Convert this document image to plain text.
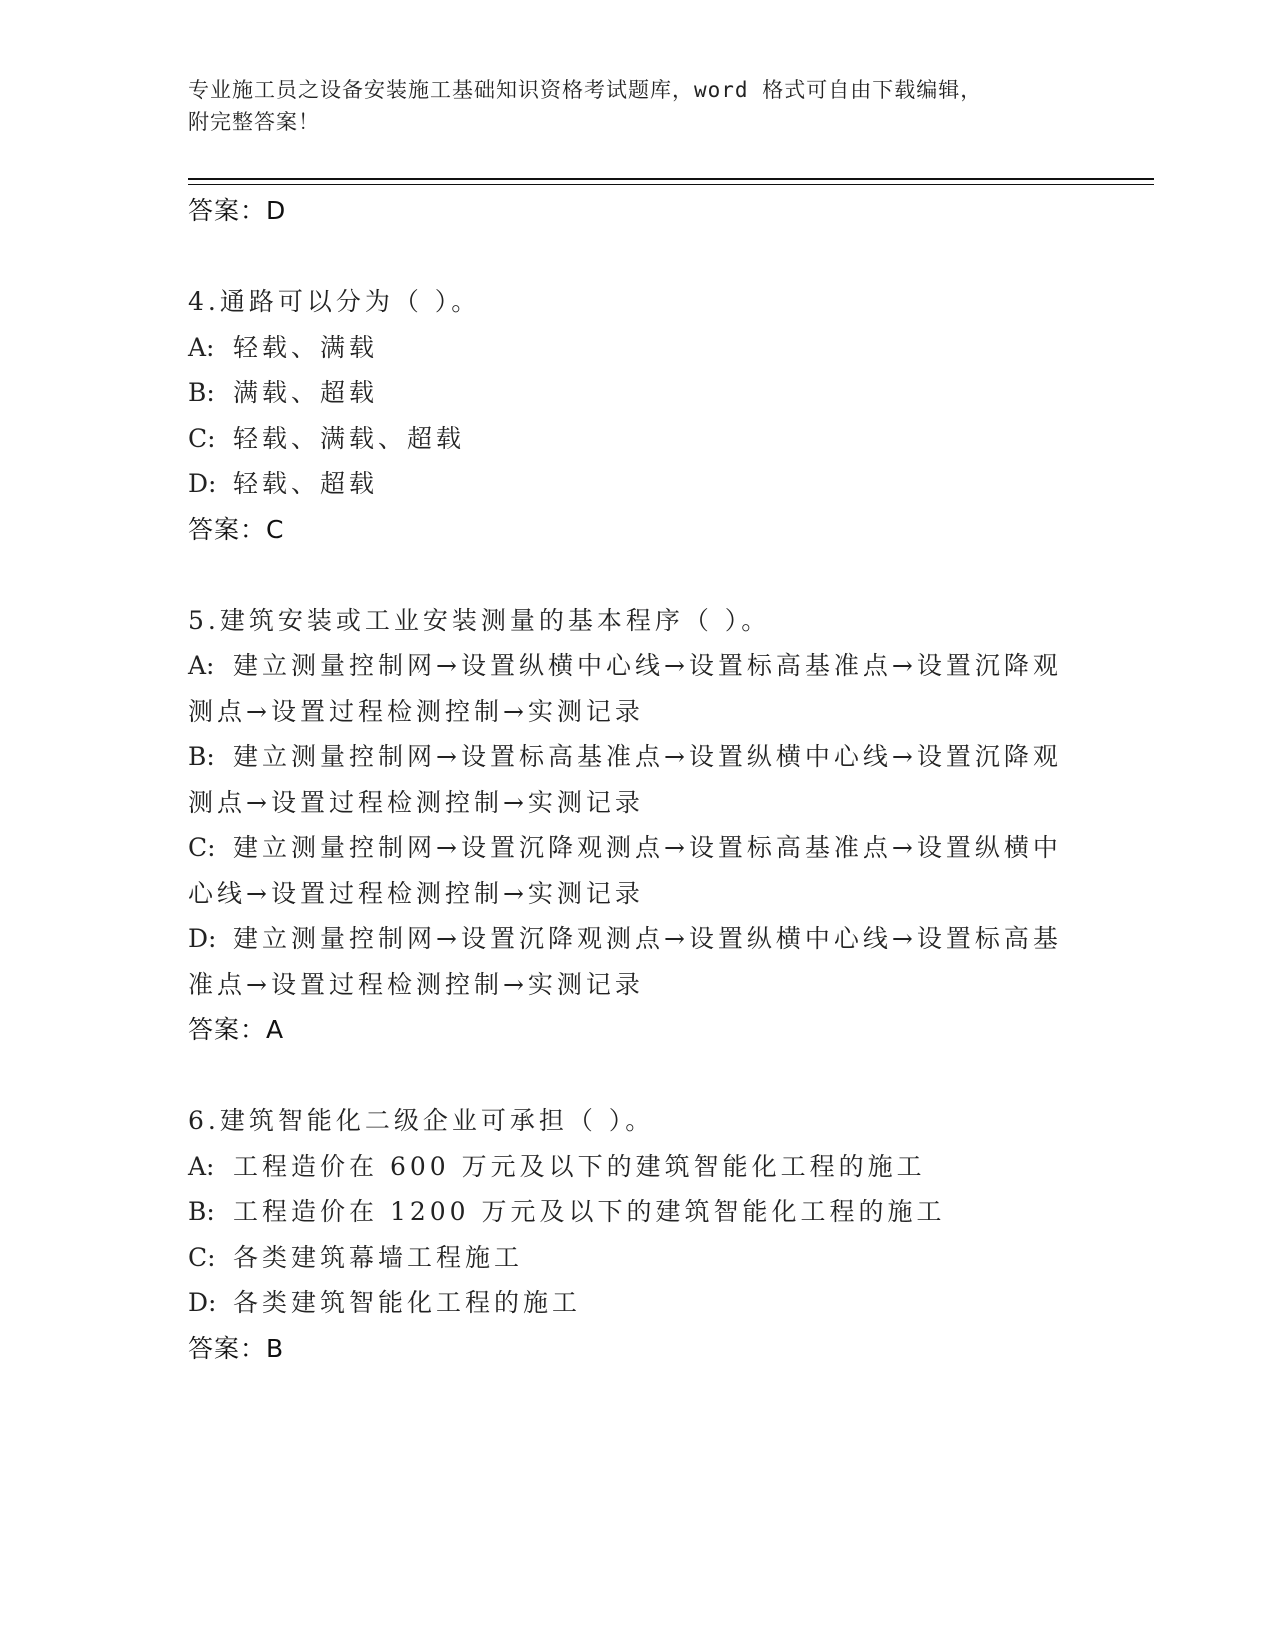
专业施工员之设备安装施工基础知识资格考试题库，word 格式可自由下载编辑，
附完整答案！
答案：D
4.通路可以分为（ ）。
A: 轻载、满载
B: 满载、超载
C: 轻载、满载、超载
D: 轻载、超载
答案：C
5.建筑安装或工业安装测量的基本程序（ ）。
A: 建立测量控制网→设置纵横中心线→设置标高基准点→设置沉降观
测点→设置过程检测控制→实测记录
B: 建立测量控制网→设置标高基准点→设置纵横中心线→设置沉降观
测点→设置过程检测控制→实测记录
C: 建立测量控制网→设置沉降观测点→设置标高基准点→设置纵横中
心线→设置过程检测控制→实测记录
D: 建立测量控制网→设置沉降观测点→设置纵横中心线→设置标高基
准点→设置过程检测控制→实测记录
答案：A
6.建筑智能化二级企业可承担（ ）。
A: 工程造价在 600 万元及以下的建筑智能化工程的施工
B: 工程造价在 1200 万元及以下的建筑智能化工程的施工
C: 各类建筑幕墙工程施工
D: 各类建筑智能化工程的施工
答案：B
